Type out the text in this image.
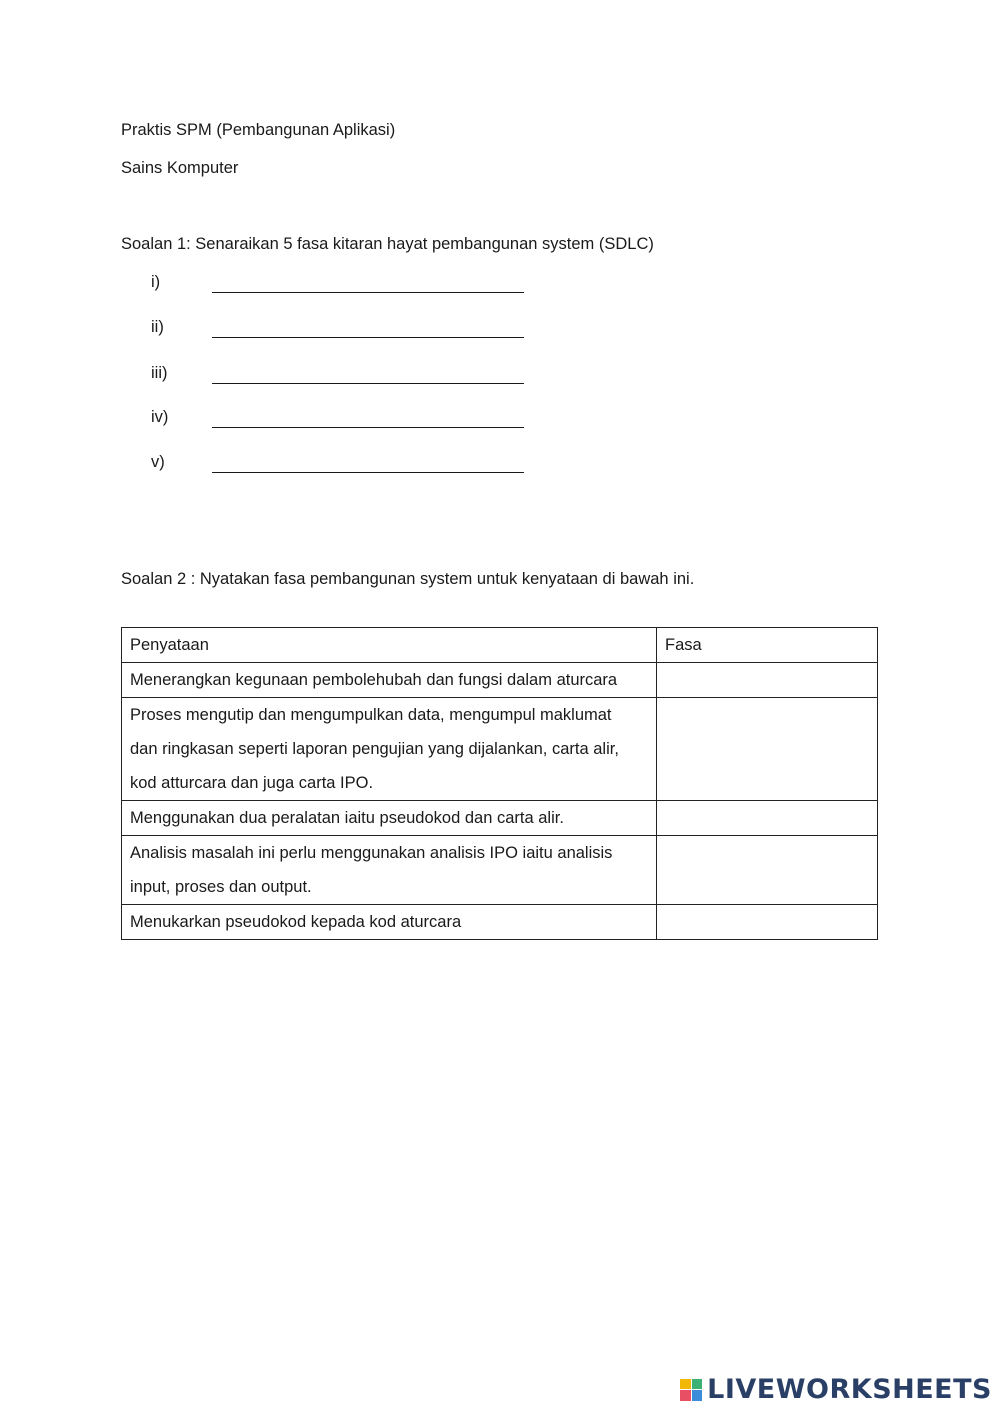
Praktis SPM (Pembangunan Aplikasi)
Sains Komputer
Soalan 1: Senaraikan 5 fasa kitaran hayat pembangunan system (SDLC)
i)
ii)
iii)
iv)
v)
Soalan 2 : Nyatakan fasa pembangunan system untuk kenyataan di bawah ini.
Penyataan	Fasa

Menerangkan kegunaan pembolehubah dan fungsi dalam aturcara	

Proses mengutip dan mengumpulkan data, mengumpul maklumat
dan ringkasan seperti laporan pengujian yang dijalankan, carta alir,
kod atturcara dan juga carta IPO.	

Menggunakan dua peralatan iaitu pseudokod dan carta alir.	

Analisis masalah ini perlu menggunakan analisis IPO iaitu analisis
input, proses dan output.	

Menukarkan pseudokod kepada kod aturcara	

LIVEWORKSHEETS
